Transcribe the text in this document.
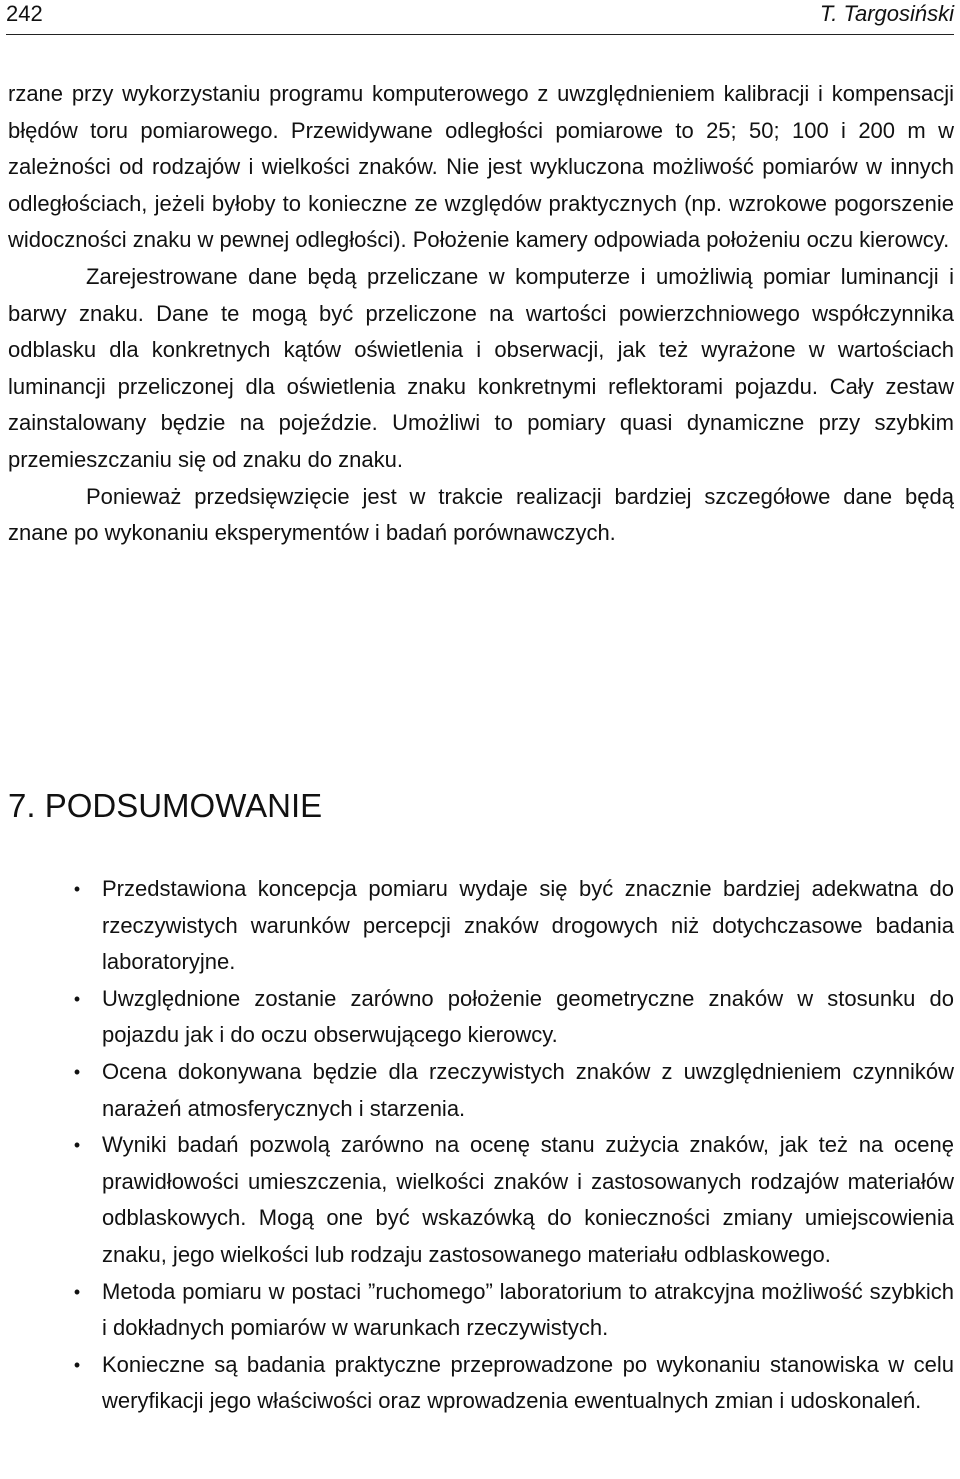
242	T. Targosiński

rzane przy wykorzystaniu programu komputerowego z uwzględnieniem kalibracji i kompensacji błędów toru pomiarowego. Przewidywane odległości pomiarowe to 25; 50; 100 i 200 m w zależności od rodzajów i wielkości znaków. Nie jest wykluczona możliwość pomiarów w innych odległościach, jeżeli byłoby to konieczne ze względów praktycznych (np. wzrokowe pogorszenie widoczności znaku w pewnej odległości). Położenie kamery odpowiada położeniu oczu kierowcy.

Zarejestrowane dane będą przeliczane w komputerze i umożliwią pomiar luminancji i barwy znaku. Dane te mogą być przeliczone na wartości powierzchniowego współczynnika odblasku dla konkretnych kątów oświetlenia i obserwacji, jak też wyrażone w wartościach luminancji przeliczonej dla oświetlenia znaku konkretnymi reflektorami pojazdu. Cały zestaw zainstalowany będzie na pojeździe. Umożliwi to pomiary quasi dynamiczne przy szybkim przemieszczaniu się od znaku do znaku.

Ponieważ przedsięwzięcie jest w trakcie realizacji bardziej szczegółowe dane będą znane po wykonaniu eksperymentów i badań porównawczych.

7. PODSUMOWANIE
• Przedstawiona koncepcja pomiaru wydaje się być znacznie bardziej adekwatna do rzeczywistych warunków percepcji znaków drogowych niż dotychczasowe badania laboratoryjne.
• Uwzględnione zostanie zarówno położenie geometryczne znaków w stosunku do pojazdu jak i do oczu obserwującego kierowcy.
• Ocena dokonywana będzie dla rzeczywistych znaków z uwzględnieniem czynników narażeń atmosferycznych i starzenia.
• Wyniki badań pozwolą zarówno na ocenę stanu zużycia znaków, jak też na ocenę prawidłowości umieszczenia, wielkości znaków i zastosowanych rodzajów materiałów odblaskowych. Mogą one być wskazówką do konieczności zmiany umiejscowienia znaku, jego wielkości lub rodzaju zastosowanego materiału odblaskowego.
• Metoda pomiaru w postaci ”ruchomego” laboratorium to atrakcyjna możliwość szybkich i dokładnych pomiarów w warunkach rzeczywistych.
• Konieczne są badania praktyczne przeprowadzone po wykonaniu stanowiska w celu weryfikacji jego właściwości oraz wprowadzenia ewentualnych zmian i udoskonaleń.
